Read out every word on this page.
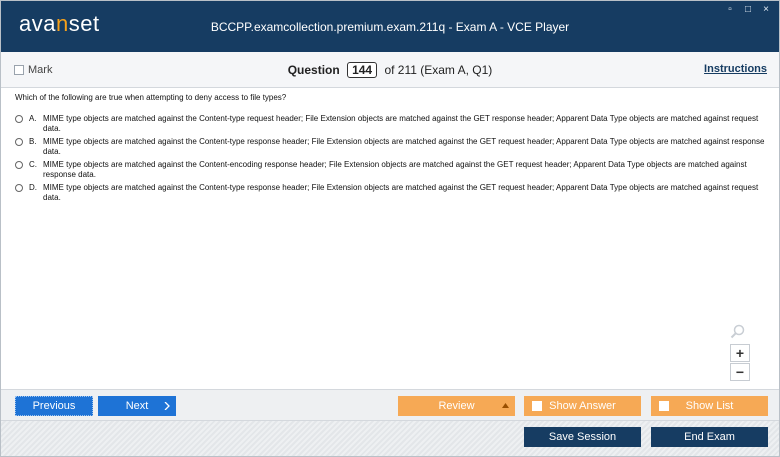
avanset	BCCPP.examcollection.premium.exam.211q - Exam A - VCE Player
▫	□ ×
Mark	Question 144 of 211 (Exam A, Q1)	Instructions
Which of the following are true when attempting to deny access to file types?
A. MIME type objects are matched against the Content-type request header; File Extension objects are matched against the GET response header; Apparent Data Type objects are matched against request data.
B. MIME type objects are matched against the Content-type response header; File Extension objects are matched against the GET request header; Apparent Data Type objects are matched against response data.
C. MIME type objects are matched against the Content-encoding response header; File Extension objects are matched against the GET request header; Apparent Data Type objects are matched against response data.
D. MIME type objects are matched against the Content-type response header; File Extension objects are matched against the GET request header; Apparent Data Type objects are matched against request data.
+
−
Previous	Next	Review	Show Answer	Show List
Save Session	End Exam
